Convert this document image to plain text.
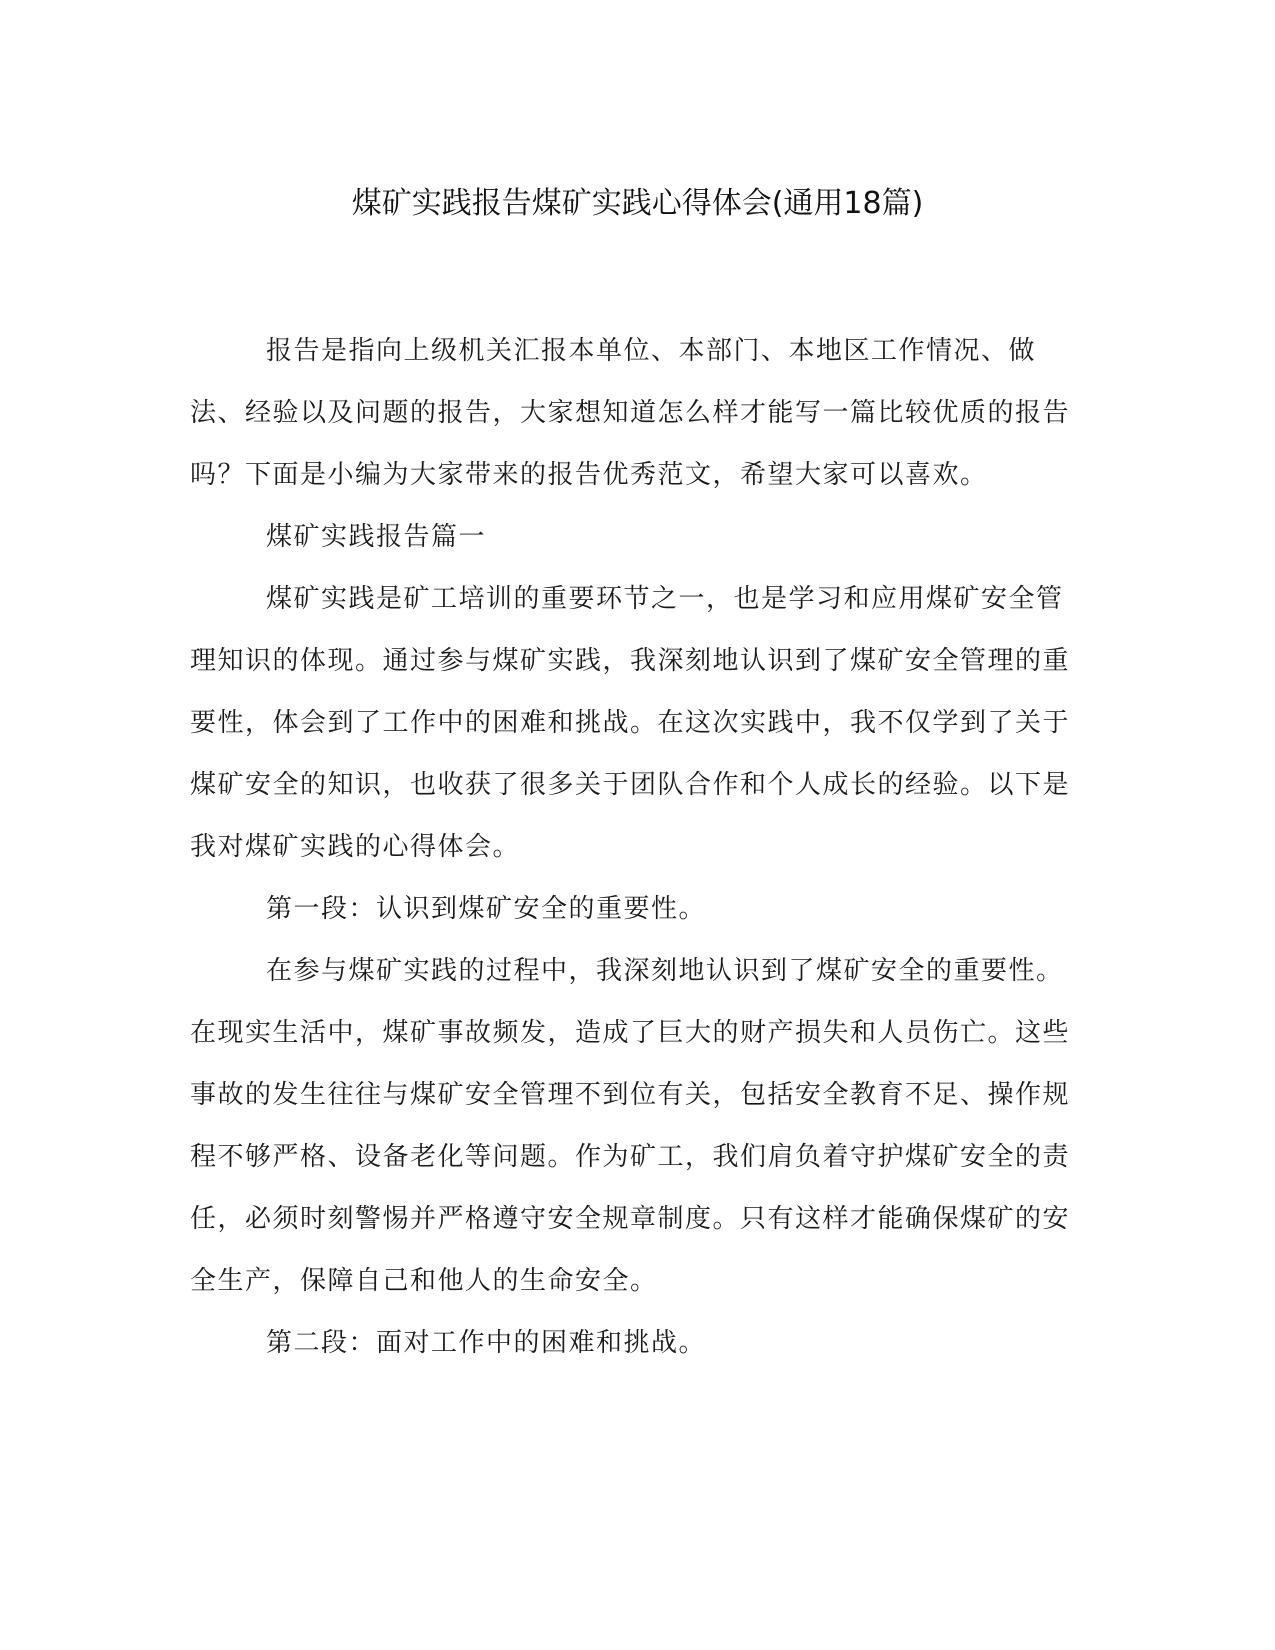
煤矿实践报告煤矿实践心得体会(通用18篇)

报告是指向上级机关汇报本单位、本部门、本地区工作情况、做法、经验以及问题的报告，大家想知道怎么样才能写一篇比较优质的报告吗？下面是小编为大家带来的报告优秀范文，希望大家可以喜欢。

煤矿实践报告篇一

煤矿实践是矿工培训的重要环节之一，也是学习和应用煤矿安全管理知识的体现。通过参与煤矿实践，我深刻地认识到了煤矿安全管理的重要性，体会到了工作中的困难和挑战。在这次实践中，我不仅学到了关于煤矿安全的知识，也收获了很多关于团队合作和个人成长的经验。以下是我对煤矿实践的心得体会。

第一段：认识到煤矿安全的重要性。

在参与煤矿实践的过程中，我深刻地认识到了煤矿安全的重要性。在现实生活中，煤矿事故频发，造成了巨大的财产损失和人员伤亡。这些事故的发生往往与煤矿安全管理不到位有关，包括安全教育不足、操作规程不够严格、设备老化等问题。作为矿工，我们肩负着守护煤矿安全的责任，必须时刻警惕并严格遵守安全规章制度。只有这样才能确保煤矿的安全生产，保障自己和他人的生命安全。

第二段：面对工作中的困难和挑战。
